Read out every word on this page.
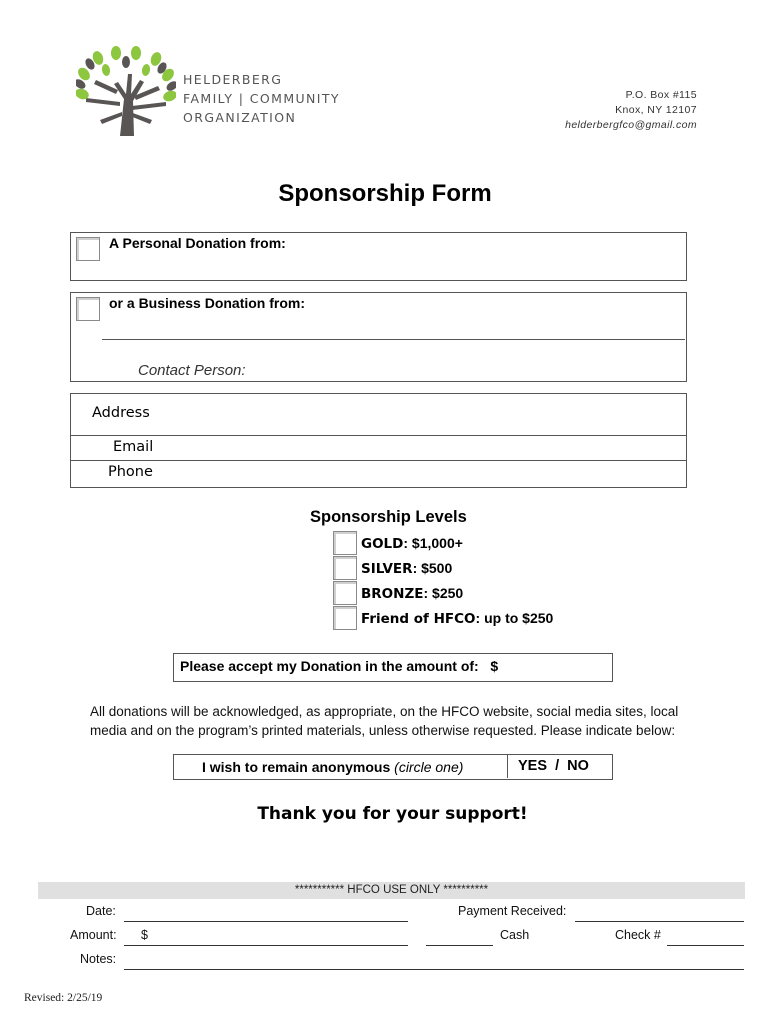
HELDERBERG
FAMILY | COMMUNITY
ORGANIZATION
P.O. Box #115
Knox, NY 12107
helderbergfco@gmail.com
Sponsorship Form
A Personal Donation from:
or a Business Donation from:
Contact Person:
Address
Email
Phone
Sponsorship Levels
GOLD: $1,000+
SILVER: $500
BRONZE: $250
Friend of HFCO: up to $250
Please accept my Donation in the amount of:   $
All donations will be acknowledged, as appropriate, on the HFCO website, social media sites, local
media and on the program’s printed materials, unless otherwise requested. Please indicate below:
I wish to remain anonymous (circle one)	YES  /  NO
Thank you for your support!
*********** HFCO USE ONLY **********
Date:	Payment Received:
Amount: $	Cash	Check #
Notes:
Revised: 2/25/19
